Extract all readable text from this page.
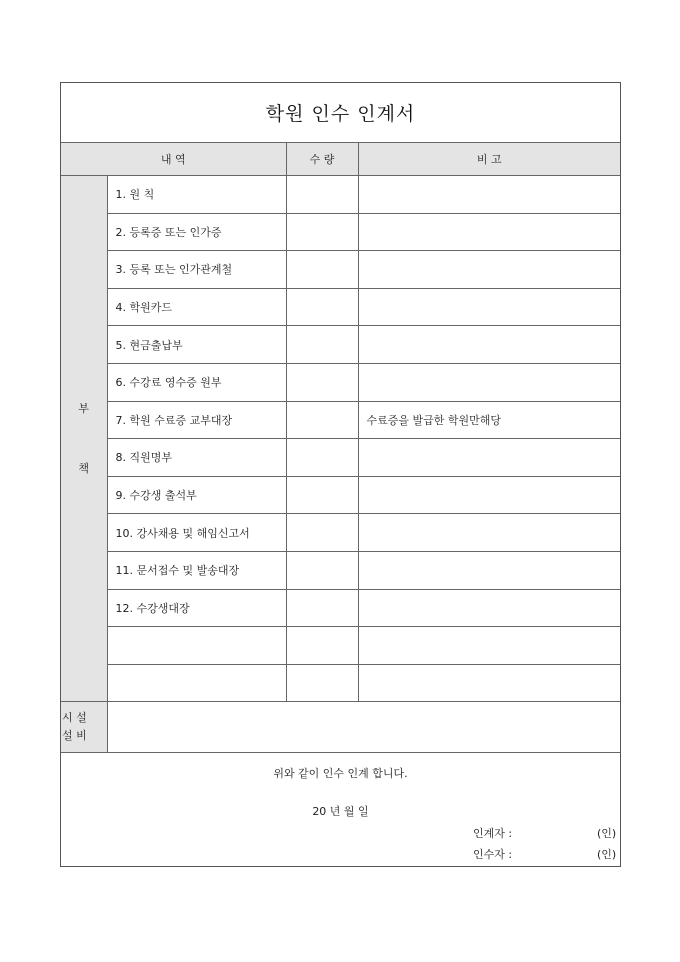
학원 인수 인계서			
내 역		수 량	비 고

부
책	1. 원 칙		
	2. 등록증 또는 인가증		
	3. 등록 또는 인가관계철		
	4. 학원카드		
	5. 현금출납부		
	6. 수강료 영수증 원부		
	7. 학원 수료증 교부대장		수료증을 발급한 학원만해당
	8. 직원명부		
	9. 수강생 출석부		
	10. 강사채용 및 해임신고서		
	11. 문서접수 및 발송대장		
	12. 수강생대장		

시 설
설 비			

위와 같이 인수 인계 합니다.
20 년 월 일
인계자 :	(인)
인수자 :	(인)
